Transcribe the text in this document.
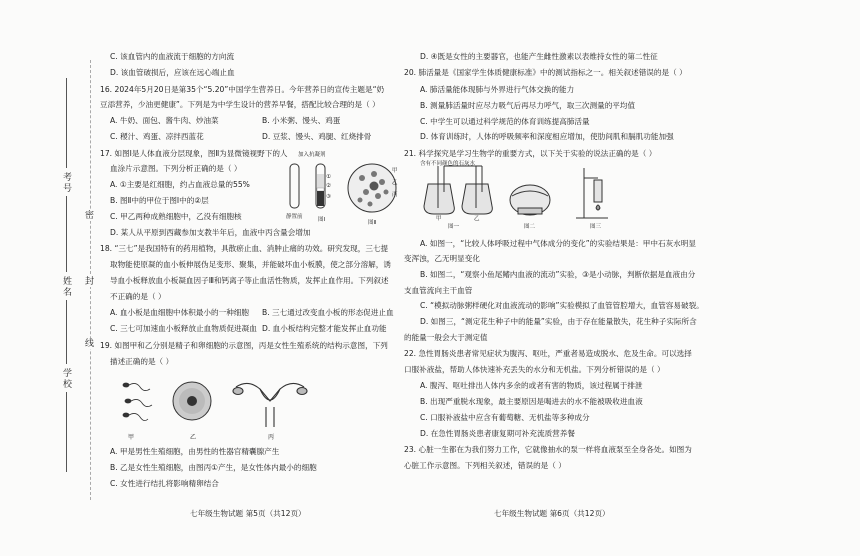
考号
姓名
学校
密
封
线
C. 该血管内的血液流于细胞的方向流
D. 该血管破损后，应该在远心端止血
16. 2024年5月20日是第35个“5.20”中国学生营养日。今年营养日的宣传主题是“奶
豆添营养，少油更健康”。下列是为中学生设计的营养早餐，搭配比较合理的是（ ）
A. 牛奶、面包、酱牛肉、炒油菜	B. 小米粥、馒头、鸡蛋
C. 稷汁、鸡蛋、凉拌西蓝花	D. 豆浆、馒头、鸡腿、红烧排骨
17. 如图Ⅰ是人体血液分层现象，图Ⅱ为显微镜视野下的人
血涂片示意图。下列分析正确的是（ ）
A. ①主要是红细胞，约占血液总量的55%
B. 图Ⅱ中的甲位于图Ⅰ中的②层
C. 甲乙两种成熟细胞中，乙没有细胞核
D. 某人从平原到西藏参加支教半年后，血液中丙含量会增加
加入抗凝剂
①
②
③
甲
乙
丙
静置前	图Ⅰ	图Ⅱ
18. “三七”是我国特有的药用植物，具散瘀止血、消肿止痛的功效。研究发现，三七提
取物能使原凝的血小板伸展伪足变形、聚集，并能破坏血小板膜，使之部分溶解，诱
导血小板释放血小板凝血因子Ⅲ和钙离子等止血活性物质，发挥止血作用。下列叙述
不正确的是（ ）
A. 血小板是血细胞中体积最小的一种细胞 B. 三七通过改变血小板的形态促进止血
C. 三七可加速血小板释放止血物质促进凝血 D. 血小板结构完整才能发挥止血功能
19. 如图甲和乙分别是精子和卵细胞的示意图，丙是女性生殖系统的结构示意图，下列
描述正确的是（ ）
甲	乙	丙
A. 甲是男性生殖细胞，由男性的性器官精囊腺产生
B. 乙是女性生殖细胞，由图丙①产生，是女性体内最小的细胞
C. 女性进行结扎将影响精卵结合
七年级生物试题 第5页（共12页）
D. ④既是女性的主要器官，也能产生雌性激素以表维持女性的第二性征
20. 肺活量是《国家学生体质健康标准》中的测试指标之一。相关叙述错误的是（ ）
A. 肺活量能体现肺与外界进行气体交换的能力
B. 测量肺活量时应尽力吸气后再尽力呼气，取三次测量的平均值
C. 中学生可以通过科学规范的体育训练提高肺活量
D. 体育训练时，人体的呼吸频率和深度相应增加，使肋间肌和膈肌功能加强
21. 科学探究是学习生物学的重要方式，以下关于实验的说法正确的是（ ）
含有不同颜色的石灰水
甲	乙
图一	图二	图三
A. 如图一，“比较人体呼吸过程中气体成分的变化”的实验结果是：甲中石灰水明显
变浑浊，乙无明显变化
B. 如图二，“观察小鱼尾鳍内血液的流动”实验，③是小动脉，判断依据是血液由分
支血管流向主干血管
C. “模拟动脉粥样硬化对血液流动的影响”实验模拟了血管管腔增大，血管容易破裂。
D. 如图三，“测定花生种子中的能量”实验，由于存在能量散失，花生种子实际所含
的能量一般会大于测定值
22. 急性胃肠炎患者常见症状为腹泻、呕吐，严重者易造成脱水、危及生命。可以选择
口服补液盐，帮助人体快速补充丢失的水分和无机盐。下列分析错误的是（ ）
A. 腹泻、呕吐排出人体内多余的或者有害的物质，该过程属于排泄
B. 出现严重脱水现象，最主要原因是喝进去的水不能被吸收进血液
C. 口服补液盐中应含有葡萄糖、无机盐等多种成分
D. 在急性胃肠炎患者康复期可补充流质营养餐
23. 心脏一生都在为我们努力工作，它就像抽水的泵一样将血液泵至全身各处。如图为
心脏工作示意图。下列相关叙述，错误的是（ ）
七年级生物试题 第6页（共12页）
